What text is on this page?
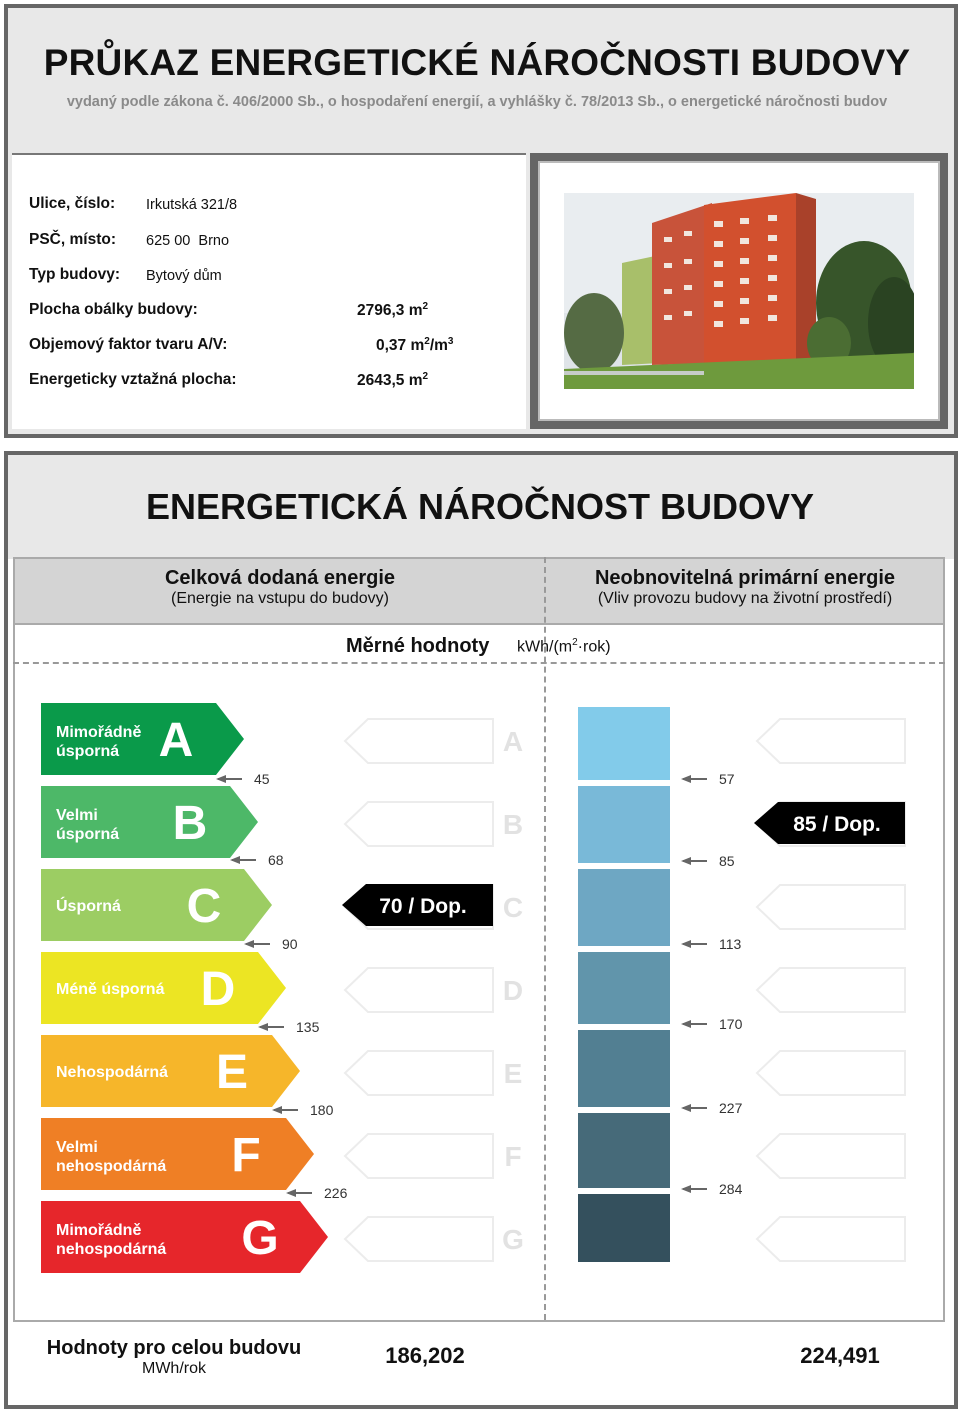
PRŮKAZ ENERGETICKÉ NÁROČNOSTI BUDOVY
vydaný podle zákona č. 406/2000 Sb., o hospodaření energií, a vyhlášky č. 78/2013 Sb., o energetické náročnosti budov
Ulice, číslo: Irkutská 321/8
PSČ, místo: 625 00  Brno
Typ budovy: Bytový dům
Plocha obálky budovy:	2796,3 $m^2$
Objemový faktor tvaru A/V:	0,37 $m^2/m^3$
Energeticky vztažná plocha:	2643,5 $m^2$
ENERGETICKÁ NÁROČNOST BUDOVY
Celková dodaná energie
(Energie na vstupu do budovy)
Neobnovitelná primární energie
(Vliv provozu budovy na životní prostředí)
Měrné hodnoty kWh/$(m^2\cdot rok)$
Mimořádně
úsporná A
Velmi
úsporná B
Úsporná C
Méně úsporná D
Nehospodárná E
Velmi
nehospodárná F
Mimořádně
nehospodárná G
A
B
C
D
E
F
G
45
68
90
135
180
226
57
85
113
170
227
284
70 / Dop.
85 / Dop.
Hodnoty pro celou budovu
MWh/rok
186,202	224,491
